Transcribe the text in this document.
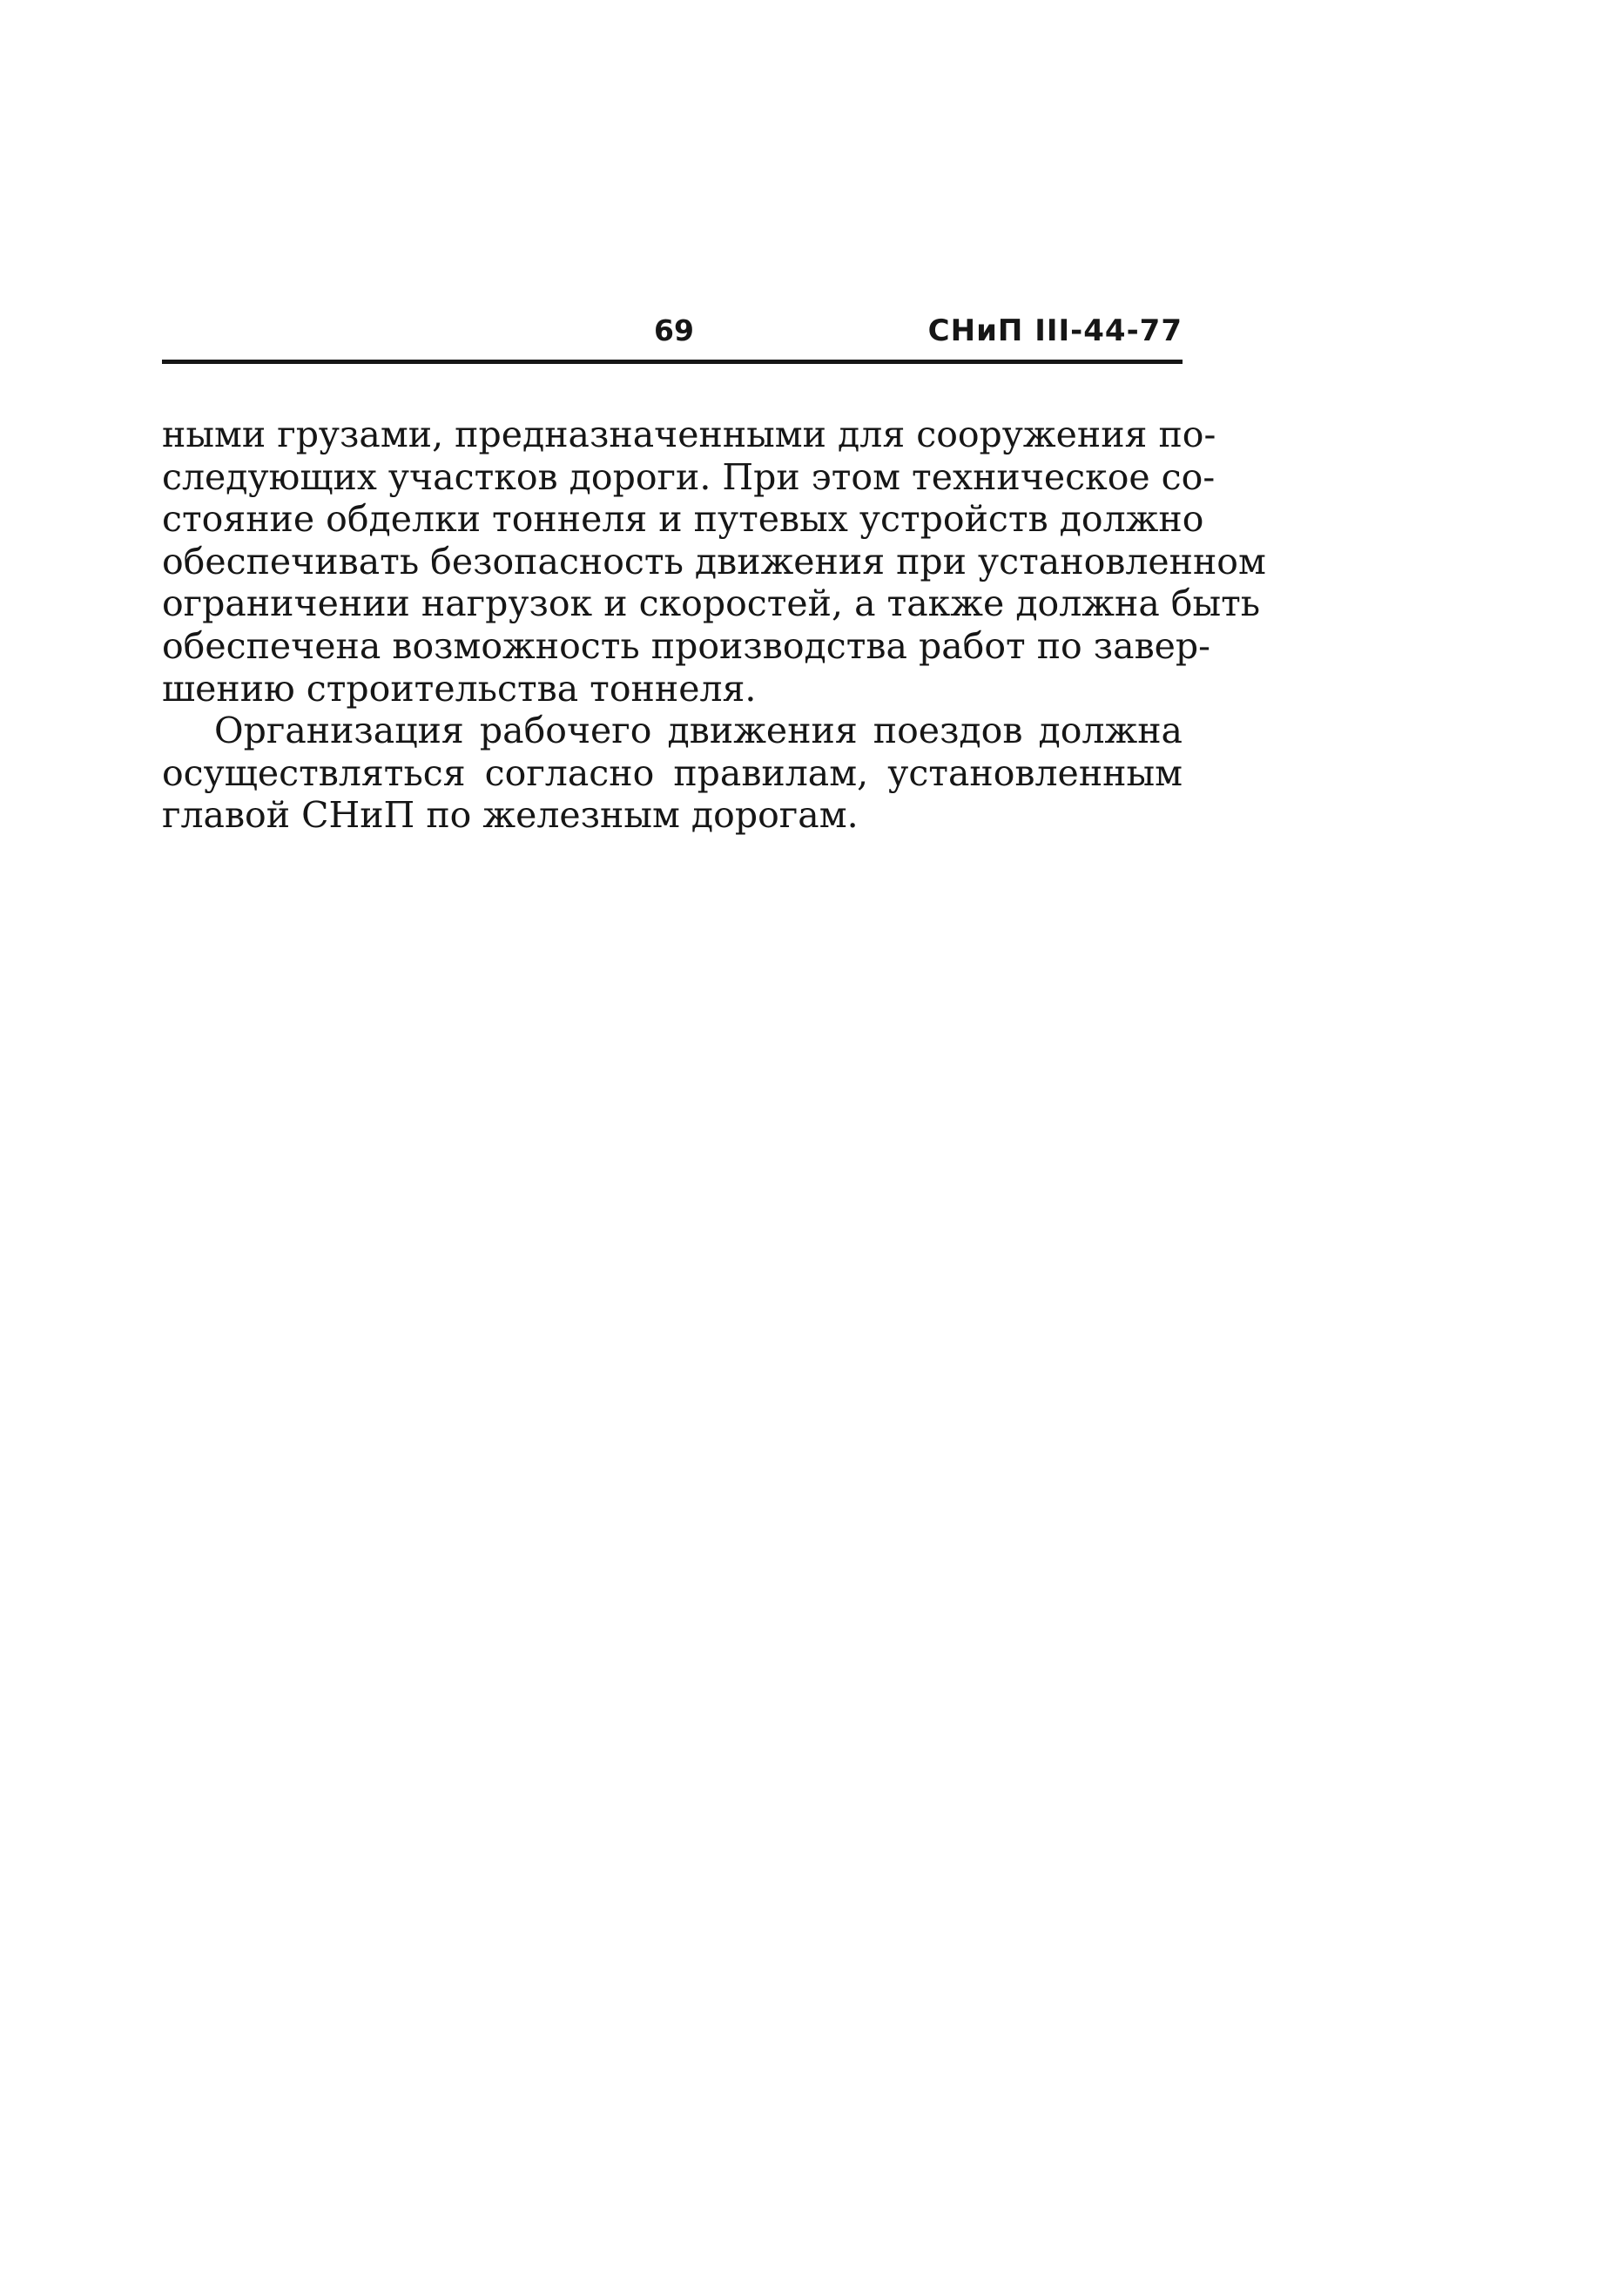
69	СНиП III-44-77
ными грузами, предназначенными для сооружения по-
следующих участков дороги. При этом техническое со-
стояние обделки тоннеля и путевых устройств должно
обеспечивать безопасность движения при установленном
ограничении нагрузок и скоростей, а также должна быть
обеспечена возможность производства работ по завер-
шению строительства тоннеля.
Организация рабочего движения поездов должна
осуществляться согласно правилам, установленным
главой СНиП по железным дорогам.
